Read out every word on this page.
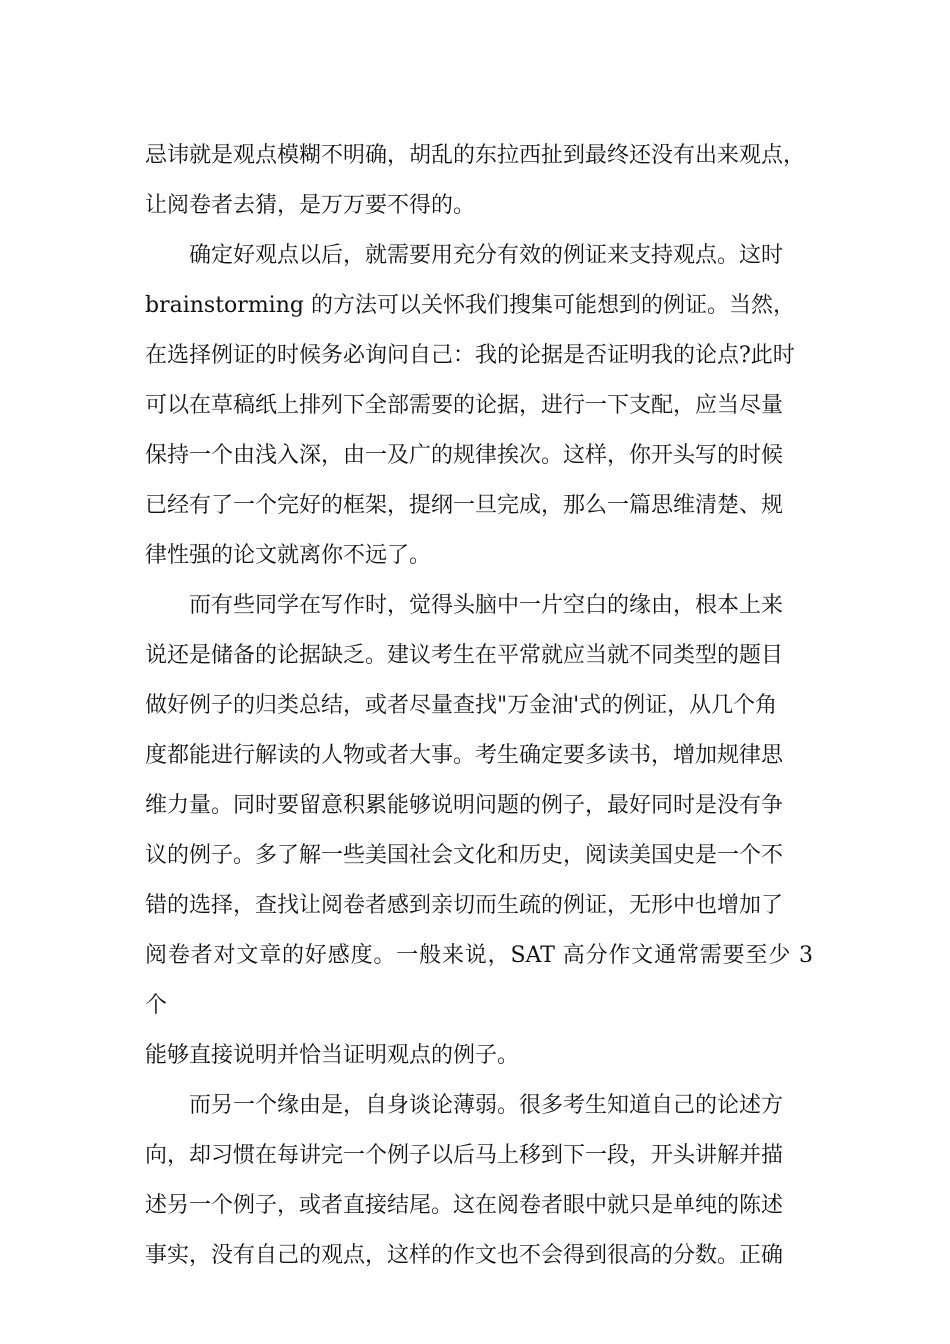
忌讳就是观点模糊不明确，胡乱的东拉西扯到最终还没有出来观点，
让阅卷者去猜，是万万要不得的。

确定好观点以后，就需要用充分有效的例证来支持观点。这时
brainstorming 的方法可以关怀我们搜集可能想到的例证。当然，
在选择例证的时候务必询问自己：我的论据是否证明我的论点?此时
可以在草稿纸上排列下全部需要的论据，进行一下支配，应当尽量
保持一个由浅入深，由一及广的规律挨次。这样，你开头写的时候
已经有了一个完好的框架，提纲一旦完成，那么一篇思维清楚、规
律性强的论文就离你不远了。

而有些同学在写作时，觉得头脑中一片空白的缘由，根本上来
说还是储备的论据缺乏。建议考生在平常就应当就不同类型的题目
做好例子的归类总结，或者尽量查找"万金油'式的例证，从几个角
度都能进行解读的人物或者大事。考生确定要多读书，增加规律思
维力量。同时要留意积累能够说明问题的例子，最好同时是没有争
议的例子。多了解一些美国社会文化和历史，阅读美国史是一个不
错的选择，查找让阅卷者感到亲切而生疏的例证，无形中也增加了
阅卷者对文章的好感度。一般来说，SAT 高分作文通常需要至少 3 个
能够直接说明并恰当证明观点的例子。

而另一个缘由是，自身谈论薄弱。很多考生知道自己的论述方
向，却习惯在每讲完一个例子以后马上移到下一段，开头讲解并描
述另一个例子，或者直接结尾。这在阅卷者眼中就只是单纯的陈述
事实，没有自己的观点，这样的作文也不会得到很高的分数。正确
